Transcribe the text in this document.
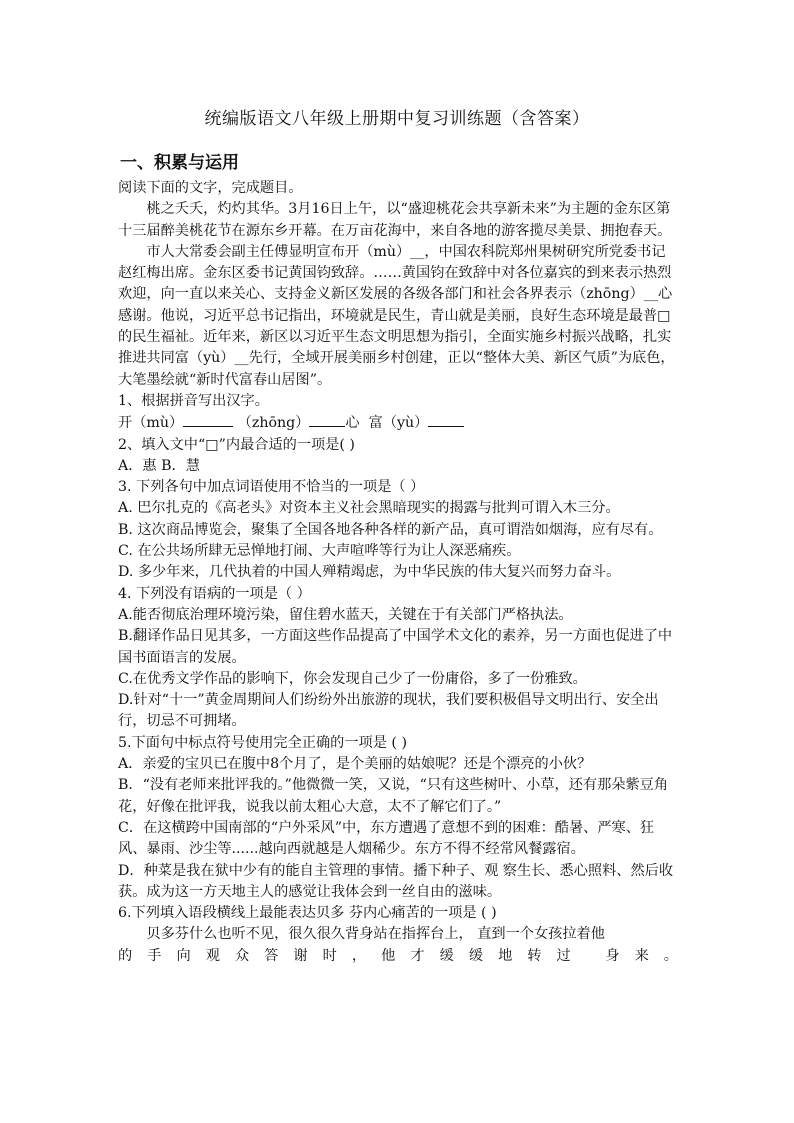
统编版语文八年级上册期中复习训练题（含答案）
一、积累与运用

阅读下面的文字，完成题目。

桃之夭夭，灼灼其华。3月16日上午，以“盛迎桃花会共享新未来”为主题的金东区第十三届醉美桃花节在源东乡开幕。在万亩花海中，来自各地的游客揽尽美景、拥抱春天。

市人大常委会副主任傅显明宣布开（mù）__，中国农科院郑州果树研究所党委书记赵红梅出席。金东区委书记黄国钧致辞。……黄国钧在致辞中对各位嘉宾的到来表示热烈欢迎，向一直以来关心、支持金义新区发展的各级各部门和社会各界表示（zhōng）__心感谢。他说，习近平总书记指出，环境就是民生，青山就是美丽，良好生态环境是最普□的民生福祉。近年来，新区以习近平生态文明思想为指引，全面实施乡村振兴战略，扎实推进共同富（yù）__先行，全域开展美丽乡村创建，正以“整体大美、新区气质”为底色，大笔墨绘就“新时代富春山居图”。

1、根据拼音写出汉字。

开（mù）	（zhōng）	心 富（yù）

2、填入文中“□”内最合适的一项是( )

A．惠 B．慧

3. 下列各句中加点词语使用不恰当的一项是（ ）

A. 巴尔扎克的《高老头》对资本主义社会黑暗现实的揭露与批判可谓入木三分。

B. 这次商品博览会，聚集了全国各地各种各样的新产品，真可谓浩如烟海，应有尽有。

C. 在公共场所肆无忌惮地打闹、大声喧哗等行为让人深恶痛疾。

D. 多少年来，几代执着的中国人殚精竭虑，为中华民族的伟大复兴而努力奋斗。

4. 下列没有语病的一项是（ ）

A.能否彻底治理环境污染，留住碧水蓝天，关键在于有关部门严格执法。

B.翻译作品日见其多，一方面这些作品提高了中国学术文化的素养，另一方面也促进了中国书面语言的发展。

C.在优秀文学作品的影响下，你会发现自己少了一份庸俗，多了一份雅致。

D.针对“十一”黄金周期间人们纷纷外出旅游的现状，我们要积极倡导文明出行、安全出行，切忌不可拥堵。

5.下面句中标点符号使用完全正确的一项是 ( )

A．亲爱的宝贝已在腹中8个月了，是个美丽的姑娘呢？还是个漂亮的小伙？

B．“没有老师来批评我的。”他微微一笑，又说，“只有这些树叶、小草，还有那朵紫豆角花，好像在批评我，说我以前太粗心大意，太不了解它们了。”

C．在这横跨中国南部的“户外采风”中，东方遭遇了意想不到的困难：酷暑、严寒、狂风、暴雨、沙尘等......越向西就越是人烟稀少。东方不得不经常风餐露宿。

D．种菜是我在狱中少有的能自主管理的事情。播下种子、观 察生长、悉心照料、然后收获。成为这一方天地主人的感觉让我体会到一丝自由的滋味。

6.下列填入语段横线上最能表达贝多 芬内心痛苦的一项是 ( )

贝多芬什么也听不见，很久很久背身站在指挥台上， 直到一个女孩拉着他

的手向观众答谢时，他才缓缓地转过 身来。
